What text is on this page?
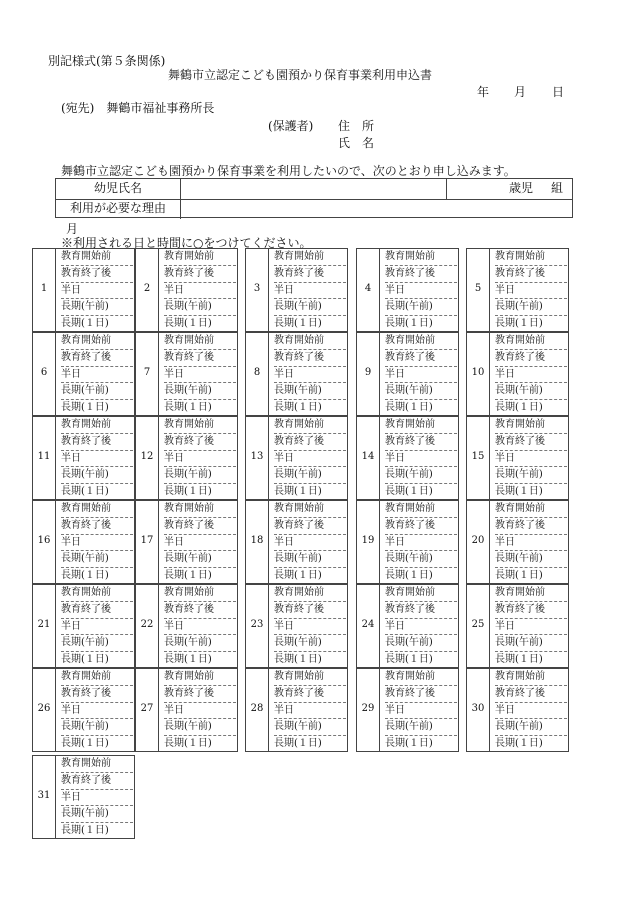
別記様式(第５条関係)
舞鶴市立認定こども園預かり保育事業利用申込書
年 月 日
(宛先)　舞鶴市福祉事務所長
(保護者) 住　所
氏　名
舞鶴市立認定こども園預かり保育事業を利用したいので、次のとおり申し込みます。
幼児氏名	歳児 組
利用が必要な理由
月
※利用される日と時間に○をつけてください。
1
教育開始前
教育終了後
半日
長期(午前)
長期(１日)
2
教育開始前
教育終了後
半日
長期(午前)
長期(１日)
3
教育開始前
教育終了後
半日
長期(午前)
長期(１日)
4
教育開始前
教育終了後
半日
長期(午前)
長期(１日)
5
教育開始前
教育終了後
半日
長期(午前)
長期(１日)
6
教育開始前
教育終了後
半日
長期(午前)
長期(１日)
7
教育開始前
教育終了後
半日
長期(午前)
長期(１日)
8
教育開始前
教育終了後
半日
長期(午前)
長期(１日)
9
教育開始前
教育終了後
半日
長期(午前)
長期(１日)
10
教育開始前
教育終了後
半日
長期(午前)
長期(１日)
11
教育開始前
教育終了後
半日
長期(午前)
長期(１日)
12
教育開始前
教育終了後
半日
長期(午前)
長期(１日)
13
教育開始前
教育終了後
半日
長期(午前)
長期(１日)
14
教育開始前
教育終了後
半日
長期(午前)
長期(１日)
15
教育開始前
教育終了後
半日
長期(午前)
長期(１日)
16
教育開始前
教育終了後
半日
長期(午前)
長期(１日)
17
教育開始前
教育終了後
半日
長期(午前)
長期(１日)
18
教育開始前
教育終了後
半日
長期(午前)
長期(１日)
19
教育開始前
教育終了後
半日
長期(午前)
長期(１日)
20
教育開始前
教育終了後
半日
長期(午前)
長期(１日)
21
教育開始前
教育終了後
半日
長期(午前)
長期(１日)
22
教育開始前
教育終了後
半日
長期(午前)
長期(１日)
23
教育開始前
教育終了後
半日
長期(午前)
長期(１日)
24
教育開始前
教育終了後
半日
長期(午前)
長期(１日)
25
教育開始前
教育終了後
半日
長期(午前)
長期(１日)
26
教育開始前
教育終了後
半日
長期(午前)
長期(１日)
27
教育開始前
教育終了後
半日
長期(午前)
長期(１日)
28
教育開始前
教育終了後
半日
長期(午前)
長期(１日)
29
教育開始前
教育終了後
半日
長期(午前)
長期(１日)
30
教育開始前
教育終了後
半日
長期(午前)
長期(１日)
31
教育開始前
教育終了後
半日
長期(午前)
長期(１日)
